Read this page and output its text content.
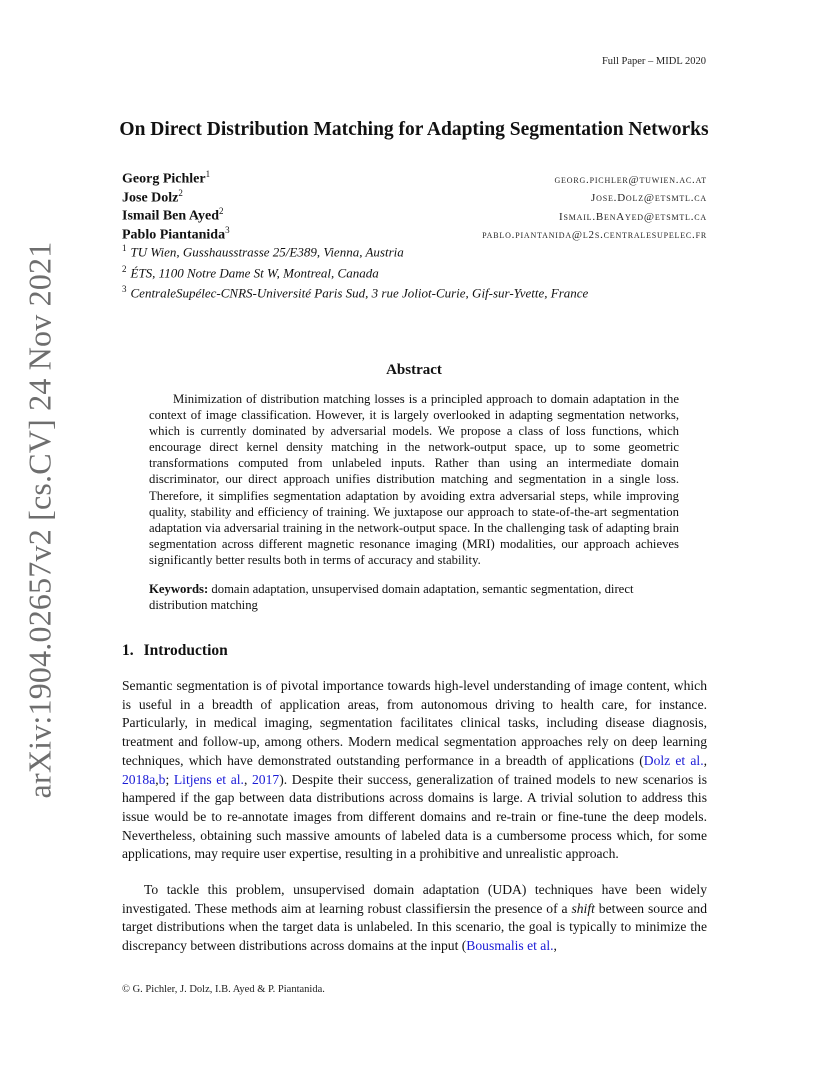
arXiv:1904.02657v2 [cs.CV] 24 Nov 2021
Full Paper – MIDL 2020
On Direct Distribution Matching for Adapting Segmentation Networks
Georg Pichler$^1$	georg.pichler@tuwien.ac.at
Jose Dolz$^2$	Jose.Dolz@etsmtl.ca
Ismail Ben Ayed$^2$	Ismail.BenAyed@etsmtl.ca
Pablo Piantanida$^3$	pablo.piantanida@l2s.centralesupelec.fr
$^1$ TU Wien, Gusshausstrasse 25/E389, Vienna, Austria
$^2$ ÉTS, 1100 Notre Dame St W, Montreal, Canada
$^3$ CentraleSupélec-CNRS-Université Paris Sud, 3 rue Joliot-Curie, Gif-sur-Yvette, France
Abstract

Minimization of distribution matching losses is a principled approach to domain adaptation in the context of image classification. However, it is largely overlooked in adapting segmentation networks, which is currently dominated by adversarial models. We propose a class of loss functions, which encourage direct kernel density matching in the network-output space, up to some geometric transformations computed from unlabeled inputs. Rather than using an intermediate domain discriminator, our direct approach unifies distribution matching and segmentation in a single loss. Therefore, it simplifies segmentation adaptation by avoiding extra adversarial steps, while improving quality, stability and efficiency of training. We juxtapose our approach to state-of-the-art segmentation adaptation via adversarial training in the network-output space. In the challenging task of adapting brain segmentation across different magnetic resonance imaging (MRI) modalities, our approach achieves significantly better results both in terms of accuracy and stability.

Keywords: domain adaptation, unsupervised domain adaptation, semantic segmentation, direct distribution matching

1. Introduction

Semantic segmentation is of pivotal importance towards high-level understanding of image content, which is useful in a breadth of application areas, from autonomous driving to health care, for instance. Particularly, in medical imaging, segmentation facilitates clinical tasks, including disease diagnosis, treatment and follow-up, among others. Modern medical segmentation approaches rely on deep learning techniques, which have demonstrated outstanding performance in a breadth of applications (Dolz et al., 2018a,b; Litjens et al., 2017). Despite their success, generalization of trained models to new scenarios is hampered if the gap between data distributions across domains is large. A trivial solution to address this issue would be to re-annotate images from different domains and re-train or fine-tune the deep models. Nevertheless, obtaining such massive amounts of labeled data is a cumbersome process which, for some applications, may require user expertise, resulting in a prohibitive and unrealistic approach.

To tackle this problem, unsupervised domain adaptation (UDA) techniques have been widely investigated. These methods aim at learning robust classifiersin the presence of a shift between source and target distributions when the target data is unlabeled. In this scenario, the goal is typically to minimize the discrepancy between distributions across domains at the input (Bousmalis et al.,

© G. Pichler, J. Dolz, I.B. Ayed & P. Piantanida.
